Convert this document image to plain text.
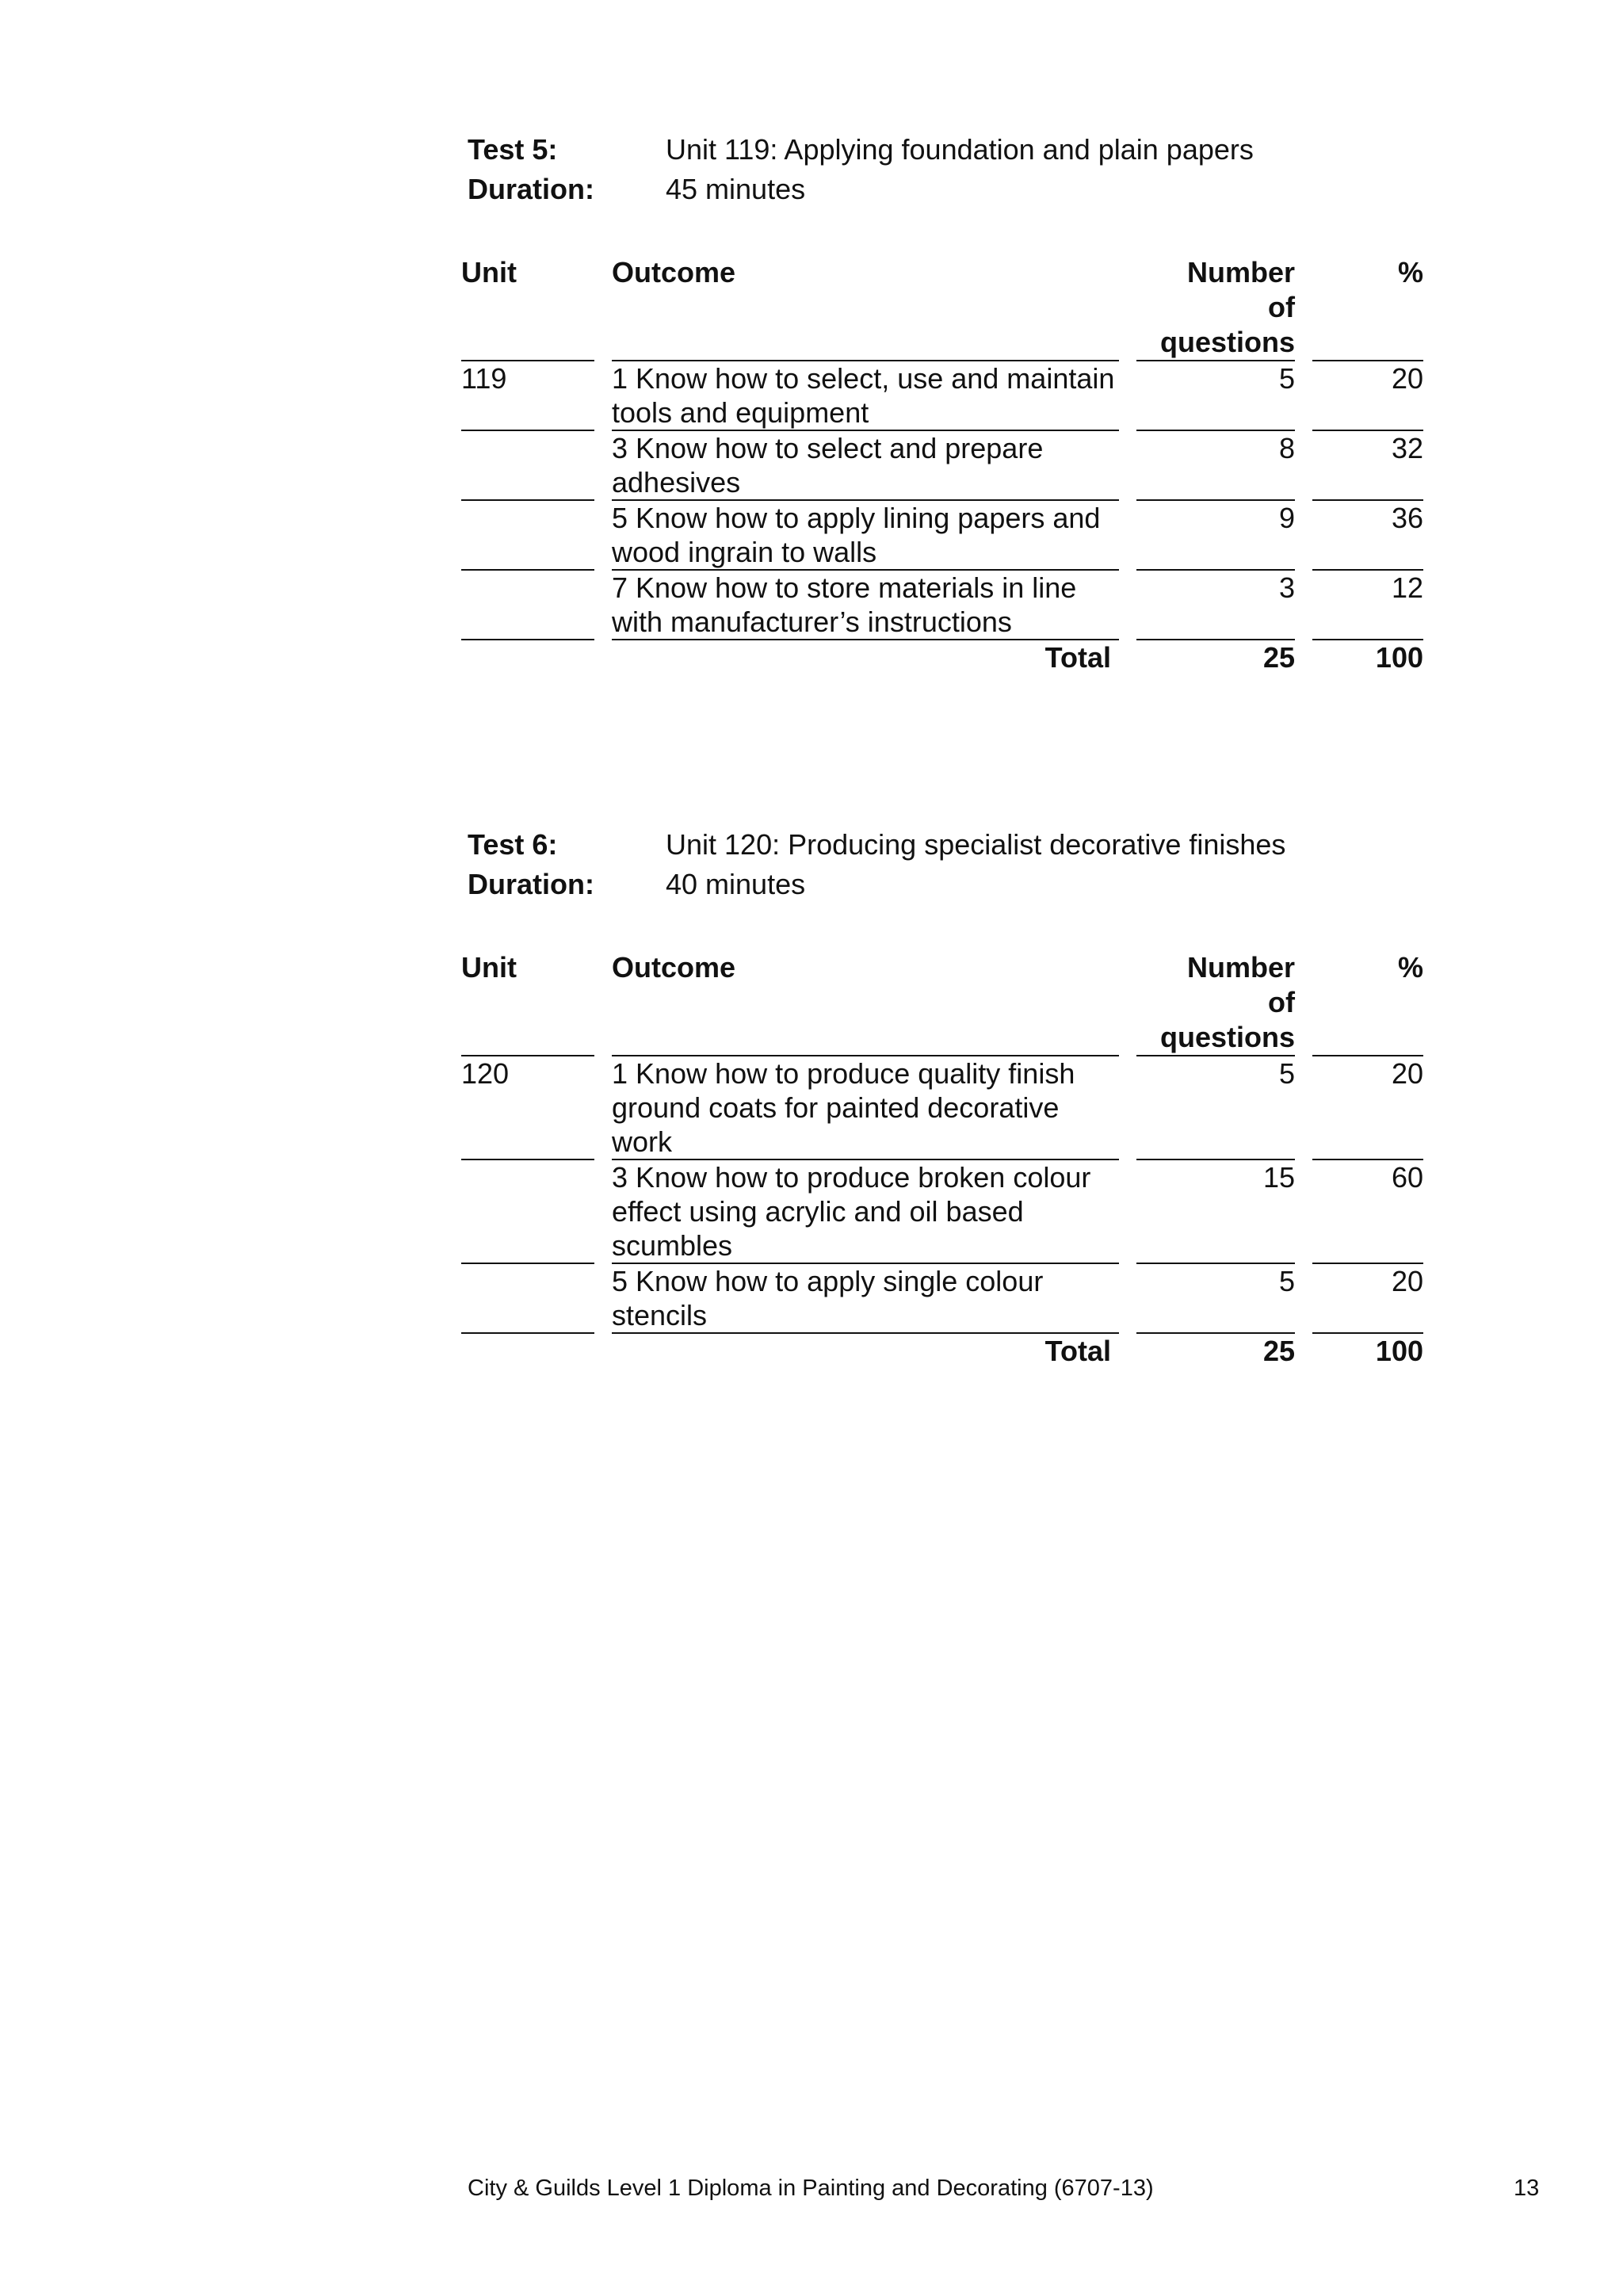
Test 5:	Unit 119: Applying foundation and plain papers
Duration:	45 minutes
Unit		Outcome		Number of questions		%
119		1 Know how to select, use and maintain tools and equipment		5		20
		3 Know how to select and prepare adhesives		8		32
		5 Know how to apply lining papers and wood ingrain to walls		9		36
		7 Know how to store materials in line with manufacturer’s instructions		3		12
		Total		25		100
Test 6:	Unit 120: Producing specialist decorative finishes
Duration:	40 minutes
Unit		Outcome		Number of questions		%
120		1 Know how to produce quality finish ground coats for painted decorative work		5		20
		3 Know how to produce broken colour effect using acrylic and oil based scumbles		15		60
		5 Know how to apply single colour stencils		5		20
		Total		25		100
City & Guilds Level 1 Diploma in Painting and Decorating (6707-13)	13
